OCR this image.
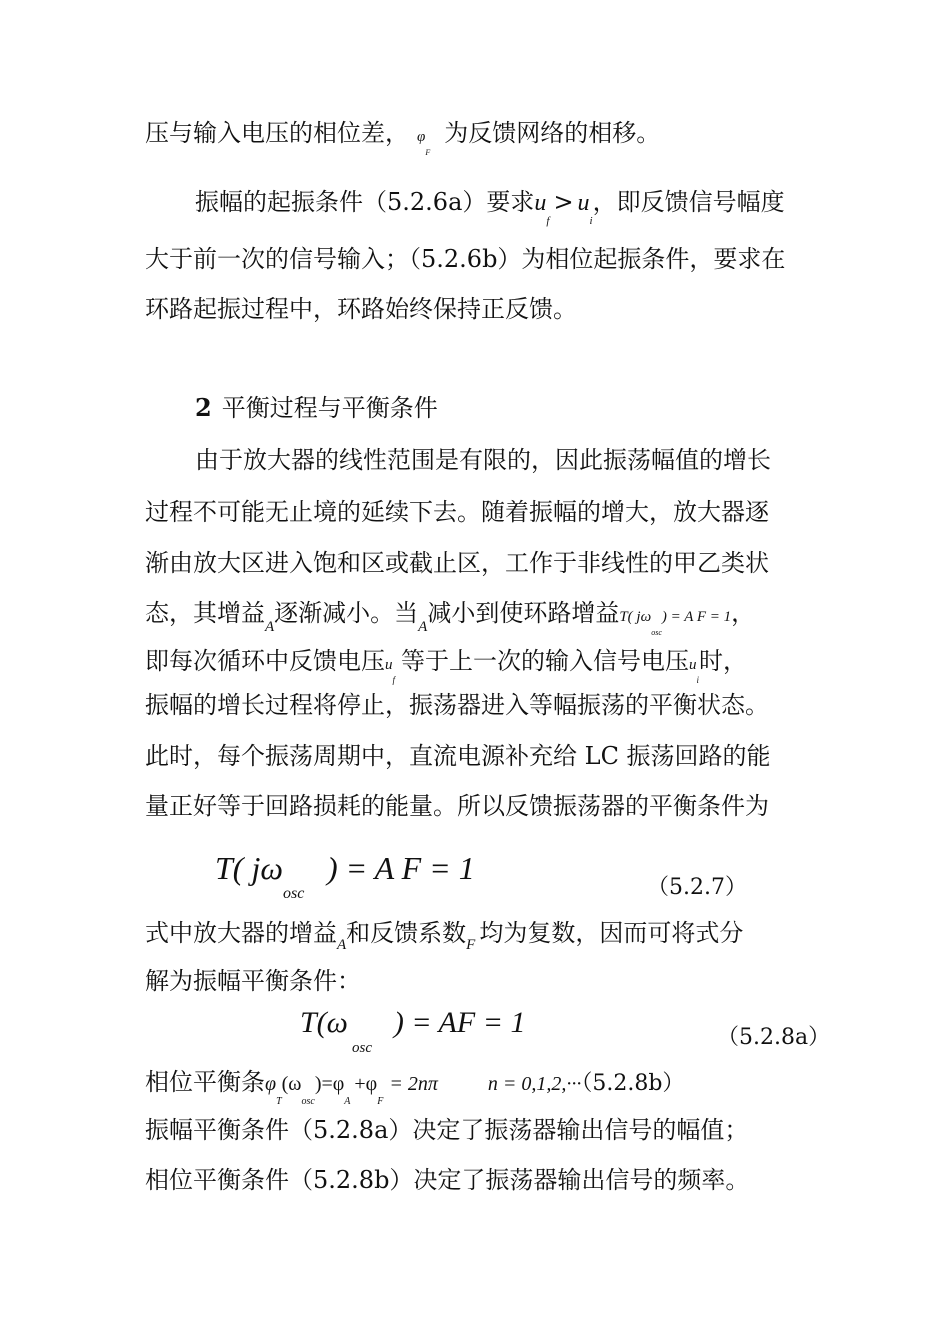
压与输入电压的相位差， $\varphi_F$为反馈网络的相移。
振幅的起振条件（5.2.6a）要求$u_f> u_i$，即反馈信号幅度
大于前一次的信号输入；（5.2.6b）为相位起振条件，要求在
环路起振过程中，环路始终保持正反馈。
2 平衡过程与平衡条件
由于放大器的线性范围是有限的，因此振荡幅值的增长
过程不可能无止境的延续下去。随着振幅的增大，放大器逐
渐由放大区进入饱和区或截止区，工作于非线性的甲乙类状
态，其增益$_A$逐渐减小。当$_A$减小到使环路增益T( $j\omega_{osc}) = A$ F = 1，
即每次循环中反馈电压$u_f$等于上一次的输入信号电压$u_i$时，
振幅的增长过程将停止，振荡器进入等幅振荡的平衡状态。
此时，每个振荡周期中，直流电源补充给 LC 振荡回路的能
量正好等于回路损耗的能量。所以反馈振荡器的平衡条件为
T( jω ) = A F = 1
osc	（5.2.7）
式中放大器的增益$_A$和反馈系数$_F$ 均为复数，因而可将式分
解为振幅平衡条件：
T(ω ) = AF = 1
osc	（5.2.8a）
相位平衡条$\varphi_T(\omega_{osc})=\varphi_A+\varphi_F= 2n\pi$	n = 0,1,2,···（5.2.8b）
振幅平衡条件（5.2.8a）决定了振荡器输出信号的幅值；
相位平衡条件（5.2.8b）决定了振荡器输出信号的频率。
